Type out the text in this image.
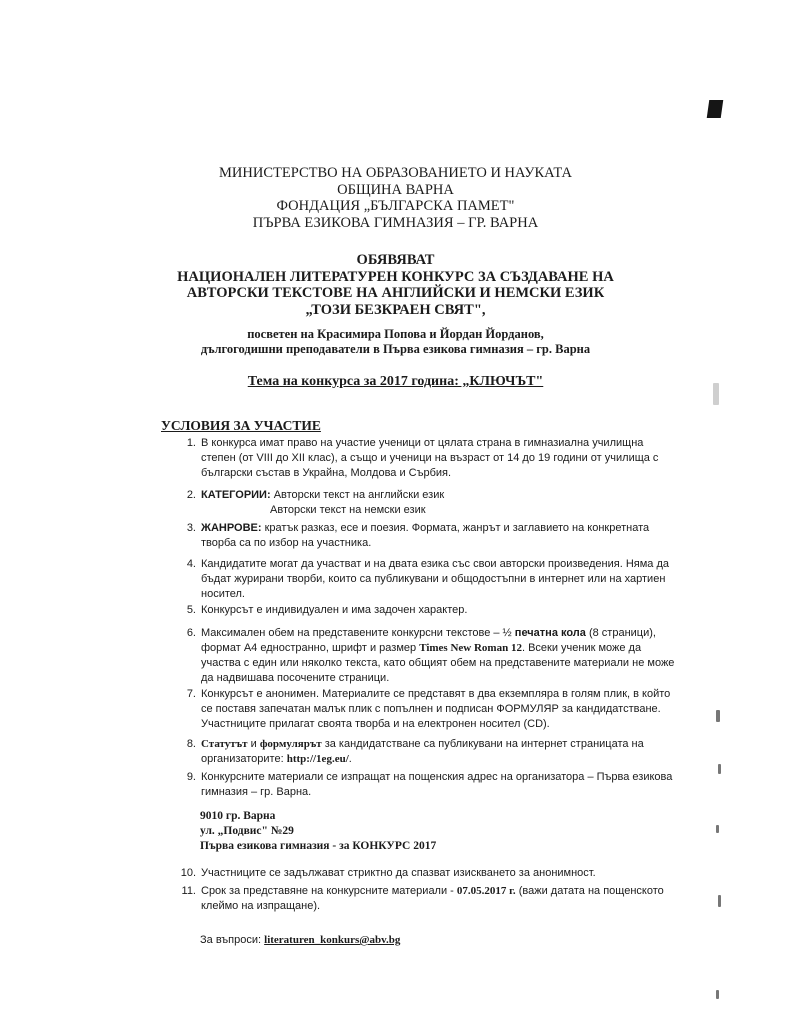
МИНИСТЕРСТВО НА ОБРАЗОВАНИЕТО И НАУКАТА
ОБЩИНА ВАРНА
ФОНДАЦИЯ „БЪЛГАРСКА ПАМЕТ"
ПЪРВА ЕЗИКОВА ГИМНАЗИЯ – ГР. ВАРНА
ОБЯВЯВАТ
НАЦИОНАЛЕН ЛИТЕРАТУРЕН КОНКУРС ЗА СЪЗДАВАНЕ НА
АВТОРСКИ ТЕКСТОВЕ НА АНГЛИЙСКИ И НЕМСКИ ЕЗИК
„ТОЗИ БЕЗКРАЕН СВЯТ",
посветен на Красимира Попова и Йордан Йорданов,
дългогодишни преподаватели в Първа езикова гимназия – гр. Варна
Тема на конкурса за 2017 година: „КЛЮЧЪТ"
УСЛОВИЯ ЗА УЧАСТИЕ
1. В конкурса имат право на участие ученици от цялата страна в гимназиална училищна
степен (от VIII до XII клас), а също и ученици на възраст от 14 до 19 години от училища с
български състав в Украйна, Молдова и Сърбия.
2. КАТЕГОРИИ: Авторски текст на английски език
Авторски текст на немски език
3. ЖАНРОВЕ: кратък разказ, есе и поезия. Формата, жанрът и заглавието на конкретната
творба са по избор на участника.
4. Кандидатите могат да участват и на двата езика със свои авторски произведения. Няма да
бъдат журирани творби, които са публикувани и общодостъпни в интернет или на хартиен
носител.
5. Конкурсът е индивидуален и има задочен характер.
6. Максимален обем на представените конкурсни текстове – ½ печатна кола (8 страници),
формат А4 едностранно, шрифт и размер Times New Roman 12. Всеки ученик може да
участва с един или няколко текста, като общият обем на представените материали не може
да надвишава посочените страници.
7. Конкурсът е анонимен. Материалите се представят в два екземпляра в голям плик, в който
се поставя запечатан малък плик с попълнен и подписан ФОРМУЛЯР за кандидатстване.
Участниците прилагат своята творба и на електронен носител (CD).
8. Статутът и формулярът за кандидатстване са публикувани на интернет страницата на
организаторите: http://1eg.eu/.
9. Конкурсните материали се изпращат на пощенския адрес на организатора – Първа езикова
гимназия – гр. Варна.
9010 гр. Варна
ул. „Подвис" №29
Първа езикова гимназия - за КОНКУРС 2017
10. Участниците се задължават стриктно да спазват изискването за анонимност.
11. Срок за представяне на конкурсните материали - 07.05.2017 г. (важи датата на пощенското
клеймо на изпращане).
За въпроси: literaturen_konkurs@abv.bg
